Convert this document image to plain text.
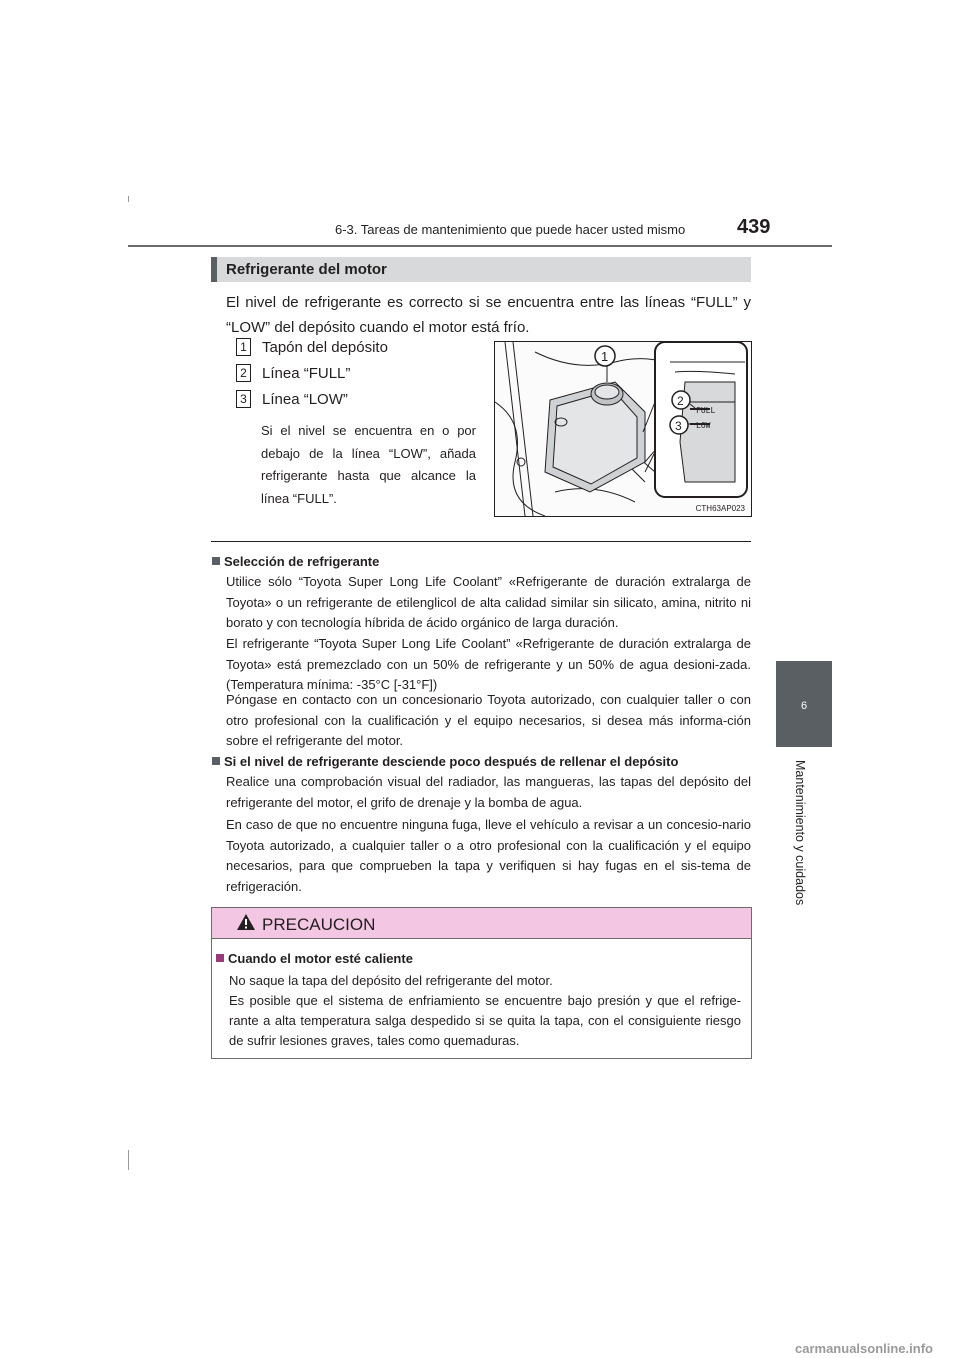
6-3. Tareas de mantenimiento que puede hacer usted mismo	439
6
Mantenimiento y cuidados
Refrigerante del motor
El nivel de refrigerante es correcto si se encuentra entre las líneas “FULL” y “LOW” del depósito cuando el motor está frío.
1 Tapón del depósito
2 Línea “FULL”
3 Línea “LOW”
Si el nivel se encuentra en o por debajo de la línea “LOW”, añada refrigerante hasta que alcance la línea “FULL”.
FULL
LOW
1
2
3
CTH63AP023
Selección de refrigerante
Utilice sólo “Toyota Super Long Life Coolant” «Refrigerante de duración extralarga de Toyota» o un refrigerante de etilenglicol de alta calidad similar sin silicato, amina, nitrito ni borato y con tecnología híbrida de ácido orgánico de larga duración.
El refrigerante “Toyota Super Long Life Coolant” «Refrigerante de duración extralarga de Toyota» está premezclado con un 50% de refrigerante y un 50% de agua desioni-zada. (Temperatura mínima: -35°C [-31°F])
Póngase en contacto con un concesionario Toyota autorizado, con cualquier taller o con otro profesional con la cualificación y el equipo necesarios, si desea más informa-ción sobre el refrigerante del motor.
Si el nivel de refrigerante desciende poco después de rellenar el depósito
Realice una comprobación visual del radiador, las mangueras, las tapas del depósito del refrigerante del motor, el grifo de drenaje y la bomba de agua.
En caso de que no encuentre ninguna fuga, lleve el vehículo a revisar a un concesio-nario Toyota autorizado, a cualquier taller o a otro profesional con la cualificación y el equipo necesarios, para que comprueben la tapa y verifiquen si hay fugas en el sis-tema de refrigeración.
PRECAUCION
Cuando el motor esté caliente

No saque la tapa del depósito del refrigerante del motor.

Es posible que el sistema de enfriamiento se encuentre bajo presión y que el refrige-rante a alta temperatura salga despedido si se quita la tapa, con el consiguiente riesgo de sufrir lesiones graves, tales como quemaduras.

carmanualsonline.info
